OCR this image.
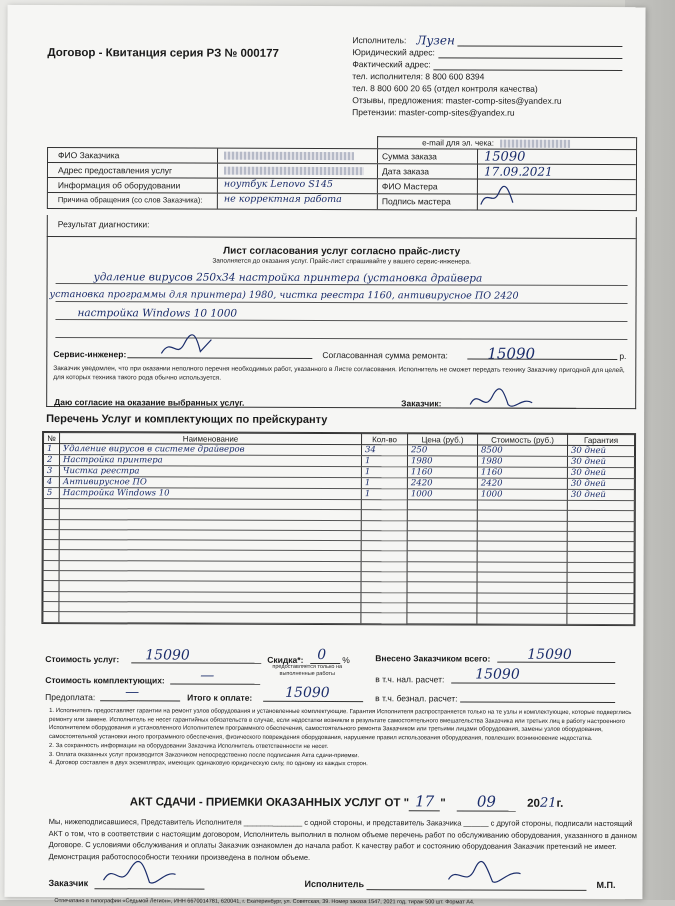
Договор - Квитанция серия РЗ № 000177
Исполнитель: Лузен
Юридический адрес:
Фактический адрес:
тел. исполнителя: 8 800 600 8394
тел. 8 800 600 20 65 (отдел контроля качества)
Отзывы, предложения: master-comp-sites@yandex.ru
Претензии: master-comp-sites@yandex.ru
e-mail для эл. чека:
ФИО Заказчика	Сумма заказа	15090
Адрес предоставления услуг	Дата заказа	17.09.2021
Информация об оборудовании	ноутбук Lenovo S145	ФИО Мастера
Причина обращения (со слов Заказчика):	не корректная работа	Подпись мастера
Результат диагностики:
Лист согласования услуг согласно прайс-листу
Заполняется до оказания услуг. Прайс-лист спрашивайте у вашего сервис-инженера.
удаление вирусов 250х34 настройка принтера (установка драйвера
установка программы для принтера) 1980, чистка реестра 1160, антивирусное ПО 2420
настройка Windows 10 1000
Сервис-инженер:	Согласованная сумма ремонта:	15090	р.
Заказчик уведомлен, что при оказании неполного перечня необходимых работ, указанного в Листе согласования. Исполнитель не сможет передать технику Заказчику пригодной для целей, для которых техника такого рода обычно используется.
Даю согласие на оказание выбранных услуг.	Заказчик:
Перечень Услуг и комплектующих по прейскуранту
№	Наименование	Кол-во	Цена (руб.)	Стоимость (руб.)	Гарантия
1	Удаление вирусов в системе драйверов	34	250	8500	30 дней
2	Настройка принтера	1	1980	1980	30 дней
3	Чистка реестра	1	1160	1160	30 дней
4	Антивирусное ПО	1	2420	2420	30 дней
5	Настройка Windows 10	1	1000	1000	30 дней

Стоимость услуг: 15090	Скидка*: 0 %
предоставляется только на выполненные работы
Внесено Заказчиком всего:	15090
Стоимость комплектующих:	—	в т.ч. нал. расчет: 15090
Предоплата: —	Итого к оплате: 15090	в т.ч. безнал. расчет:
1. Исполнитель предоставляет гарантии на ремонт узлов оборудования и установленные комплектующие. Гарантия Исполнителя распространяется только на те узлы и комплектующие, которые подверглись ремонту или замене. Исполнитель не несет гарантийных обязательств в случае, если недостатки возникли в результате самостоятельного вмешательства Заказчика или третьих лиц в работу настроенного Исполнителем оборудования и установленного Исполнителем программного обеспечения, самостоятельного ремонта Заказчиком или третьими лицами оборудования, замены узлов оборудования, самостоятельной установки иного программного обеспечения, физического повреждения оборудования, нарушение правил использования оборудования, повлекших возникновение недостатка.
2. За сохранность информации на оборудовании Заказчика Исполнитель ответственности не несет.
3. Оплата оказанных услуг производится Заказчиком непосредственно после подписания Акта сдачи-приемки.
4. Договор составлен в двух экземплярах, имеющих одинаковую юридическую силу, по одному из каждых сторон.
АКТ СДАЧИ - ПРИЕМКИ ОКАЗАННЫХ УСЛУГ ОТ " 17 " 09	2021г.
Мы, нижеподписавшиеся, Представитель Исполнителя ______________ с одной стороны, и представитель Заказчика ______ с другой стороны, подписали настоящий АКТ о том, что в соответствии с настоящим договором, Исполнитель выполнил в полном объеме перечень работ по обслуживанию оборудования, указанного в данном Договоре. С условиями обслуживания и оплаты Заказчик ознакомлен до начала работ. К качеству работ и состоянию оборудования Заказчик претензий не имеет. Демонстрация работоспособности техники произведена в полном объеме.
Заказчик	Исполнитель	М.П.
Отпечатано в типографии «Седьмой Легион», ИНН 6670014781, 620041, г. Екатеринбург, ул. Советская, 39. Номер заказа 1547, 2021 год, тираж 500 шт. Формат А4.
